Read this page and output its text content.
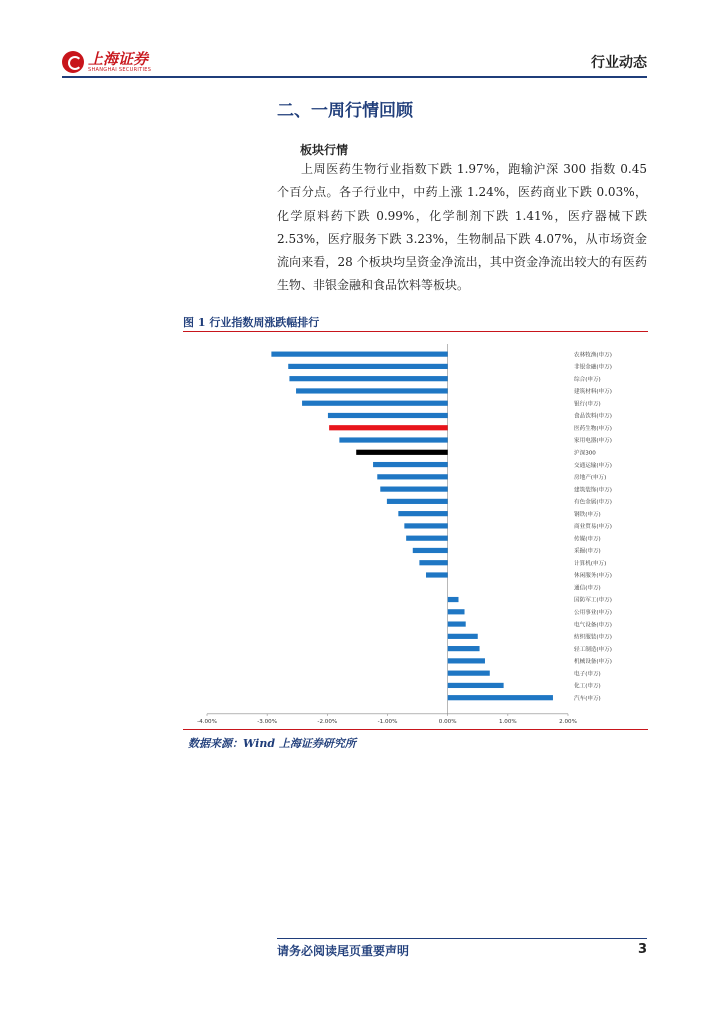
上海证券
SHANGHAI SECURITIES	行业动态
二、一周行情回顾
板块行情
上周医药生物行业指数下跌 1.97%，跑输沪深 300 指数 0.45 个百分点。各子行业中，中药上涨 1.24%，医药商业下跌 0.03%，化学原料药下跌 0.99%，化学制剂下跌 1.41%，医疗器械下跌 2.53%，医疗服务下跌 3.23%，生物制品下跌 4.07%，从市场资金流向来看，28 个板块均呈资金净流出，其中资金净流出较大的有医药生物、非银金融和食品饮料等板块。
图 1 行业指数周涨跌幅排行
农林牧渔(申万)
非银金融(申万)
综合(申万)
建筑材料(申万)
银行(申万)
食品饮料(申万)
医药生物(申万)
家用电器(申万)
沪深300
交通运输(申万)
房地产(申万)
建筑装饰(申万)
有色金属(申万)
钢铁(申万)
商业贸易(申万)
传媒(申万)
采掘(申万)
计算机(申万)
休闲服务(申万)
通信(申万)
国防军工(申万)
公用事业(申万)
电气设备(申万)
纺织服装(申万)
轻工制造(申万)
机械设备(申万)
电子(申万)
化工(申万)
汽车(申万)
-4.00%	-3.00%	-2.00%	-1.00%	0.00%	1.00%	2.00%
数据来源：Wind 上海证券研究所
请务必阅读尾页重要声明	3
